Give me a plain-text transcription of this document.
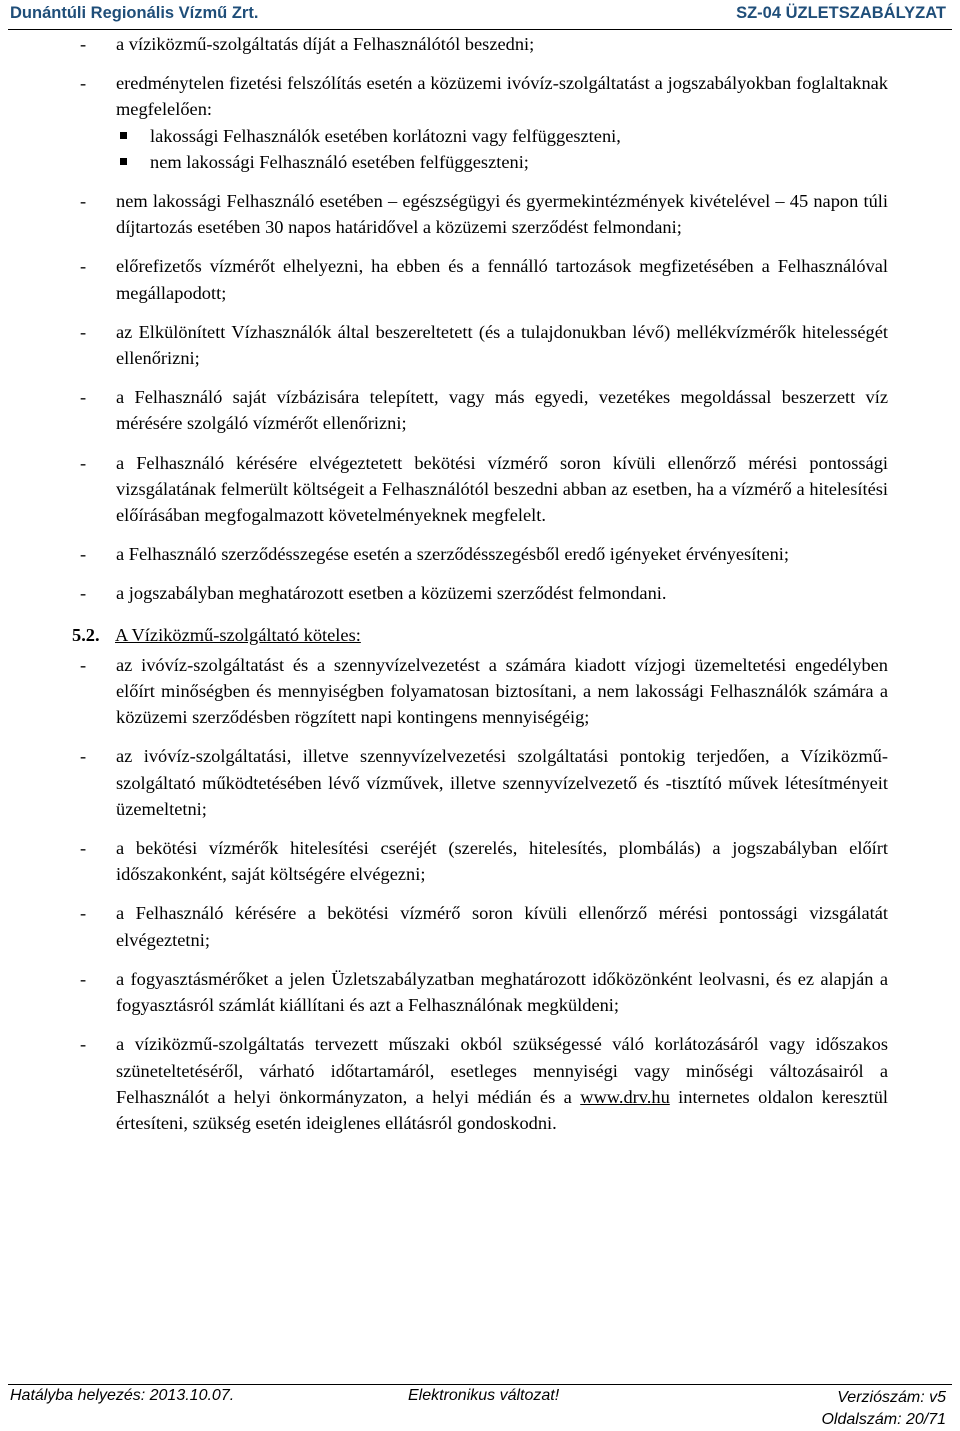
Dunántúli Regionális Vízmű Zrt.	SZ-04 ÜZLETSZABÁLYZAT
- a víziközmű-szolgáltatás díját a Felhasználótól beszedni;
- eredménytelen fizetési felszólítás esetén a közüzemi ivóvíz-szolgáltatást a jogszabályokban foglaltaknak megfelelően:
lakossági Felhasználók esetében korlátozni vagy felfüggeszteni,
nem lakossági Felhasználó esetében felfüggeszteni;
- nem lakossági Felhasználó esetében – egészségügyi és gyermekintézmények kivételével – 45 napon túli díjtartozás esetében 30 napos határidővel a közüzemi szerződést felmondani;
- előrefizetős vízmérőt elhelyezni, ha ebben és a fennálló tartozások megfizetésében a Felhasználóval megállapodott;
- az Elkülönített Vízhasználók által beszereltetett (és a tulajdonukban lévő) mellékvízmérők hitelességét ellenőrizni;
- a Felhasználó saját vízbázisára telepített, vagy más egyedi, vezetékes megoldással beszerzett víz mérésére szolgáló vízmérőt ellenőrizni;
- a Felhasználó kérésére elvégeztetett bekötési vízmérő soron kívüli ellenőrző mérési pontossági vizsgálatának felmerült költségeit a Felhasználótól beszedni abban az esetben, ha a vízmérő a hitelesítési előírásában megfogalmazott követelményeknek megfelelt.
- a Felhasználó szerződésszegése esetén a szerződésszegésből eredő igényeket érvényesíteni;
- a jogszabályban meghatározott esetben a közüzemi szerződést felmondani.
5.2. A Víziközmű-szolgáltató köteles:
- az ivóvíz-szolgáltatást és a szennyvízelvezetést a számára kiadott vízjogi üzemeltetési engedélyben előírt minőségben és mennyiségben folyamatosan biztosítani, a nem lakossági Felhasználók számára a közüzemi szerződésben rögzített napi kontingens mennyiségéig;
- az ivóvíz-szolgáltatási, illetve szennyvízelvezetési szolgáltatási pontokig terjedően, a Víziközmű-szolgáltató működtetésében lévő vízművek, illetve szennyvízelvezető és -tisztító művek létesítményeit üzemeltetni;
- a bekötési vízmérők hitelesítési cseréjét (szerelés, hitelesítés, plombálás) a jogszabályban előírt időszakonként, saját költségére elvégezni;
- a Felhasználó kérésére a bekötési vízmérő soron kívüli ellenőrző mérési pontossági vizsgálatát elvégeztetni;
- a fogyasztásmérőket a jelen Üzletszabályzatban meghatározott időközönként leolvasni, és ez alapján a fogyasztásról számlát kiállítani és azt a Felhasználónak megküldeni;
- a víziközmű-szolgáltatás tervezett műszaki okból szükségessé váló korlátozásáról vagy időszakos szüneteltetéséről, várható időtartamáról, esetleges mennyiségi vagy minőségi változásairól a Felhasználót a helyi önkormányzaton, a helyi médián és a www.drv.hu internetes oldalon keresztül értesíteni, szükség esetén ideiglenes ellátásról gondoskodni.
Hatályba helyezés: 2013.10.07.	Elektronikus változat!	Verziószám: v5
Oldalszám: 20/71
